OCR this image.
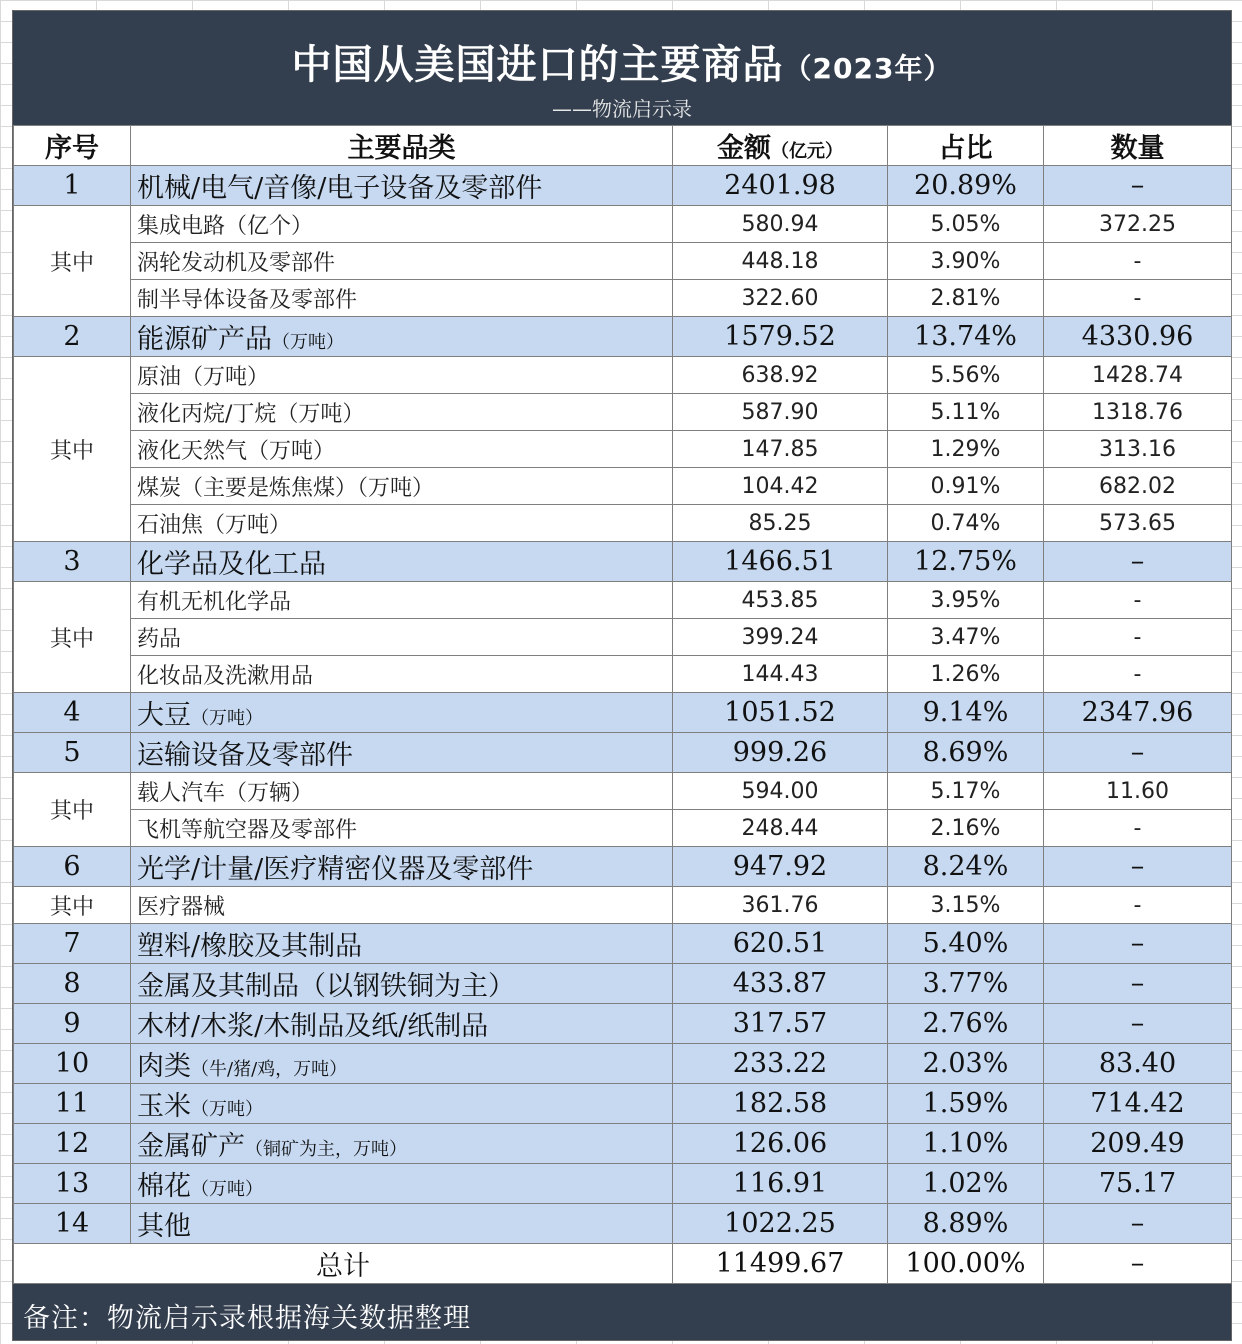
中国从美国进口的主要商品（2023年）
——物流启示录
序号	主要品类	金额（亿元）	占比	数量
1	机械/电气/音像/电子设备及零部件	2401.98	20.89%	–
其中	集成电路（亿个）	580.94	5.05%	372.25
	涡轮发动机及零部件	448.18	3.90%	-
	制半导体设备及零部件	322.60	2.81%	-
2	能源矿产品（万吨）	1579.52	13.74%	4330.96
其中	原油（万吨）	638.92	5.56%	1428.74
	液化丙烷/丁烷（万吨）	587.90	5.11%	1318.76
	液化天然气（万吨）	147.85	1.29%	313.16
	煤炭（主要是炼焦煤）（万吨）	104.42	0.91%	682.02
	石油焦（万吨）	85.25	0.74%	573.65
3	化学品及化工品	1466.51	12.75%	–
其中	有机无机化学品	453.85	3.95%	-
	药品	399.24	3.47%	-
	化妆品及洗漱用品	144.43	1.26%	-
4	大豆（万吨）	1051.52	9.14%	2347.96
5	运输设备及零部件	999.26	8.69%	–
其中	载人汽车（万辆）	594.00	5.17%	11.60
	飞机等航空器及零部件	248.44	2.16%	-
6	光学/计量/医疗精密仪器及零部件	947.92	8.24%	–
其中	医疗器械	361.76	3.15%	-
7	塑料/橡胶及其制品	620.51	5.40%	–
8	金属及其制品（以钢铁铜为主）	433.87	3.77%	–
9	木材/木浆/木制品及纸/纸制品	317.57	2.76%	–
10	肉类（牛/猪/鸡，万吨）	233.22	2.03%	83.40
11	玉米（万吨）	182.58	1.59%	714.42
12	金属矿产（铜矿为主，万吨）	126.06	1.10%	209.49
13	棉花（万吨）	116.91	1.02%	75.17
14	其他	1022.25	8.89%	–
总计		11499.67	100.00%	–
备注：物流启示录根据海关数据整理
